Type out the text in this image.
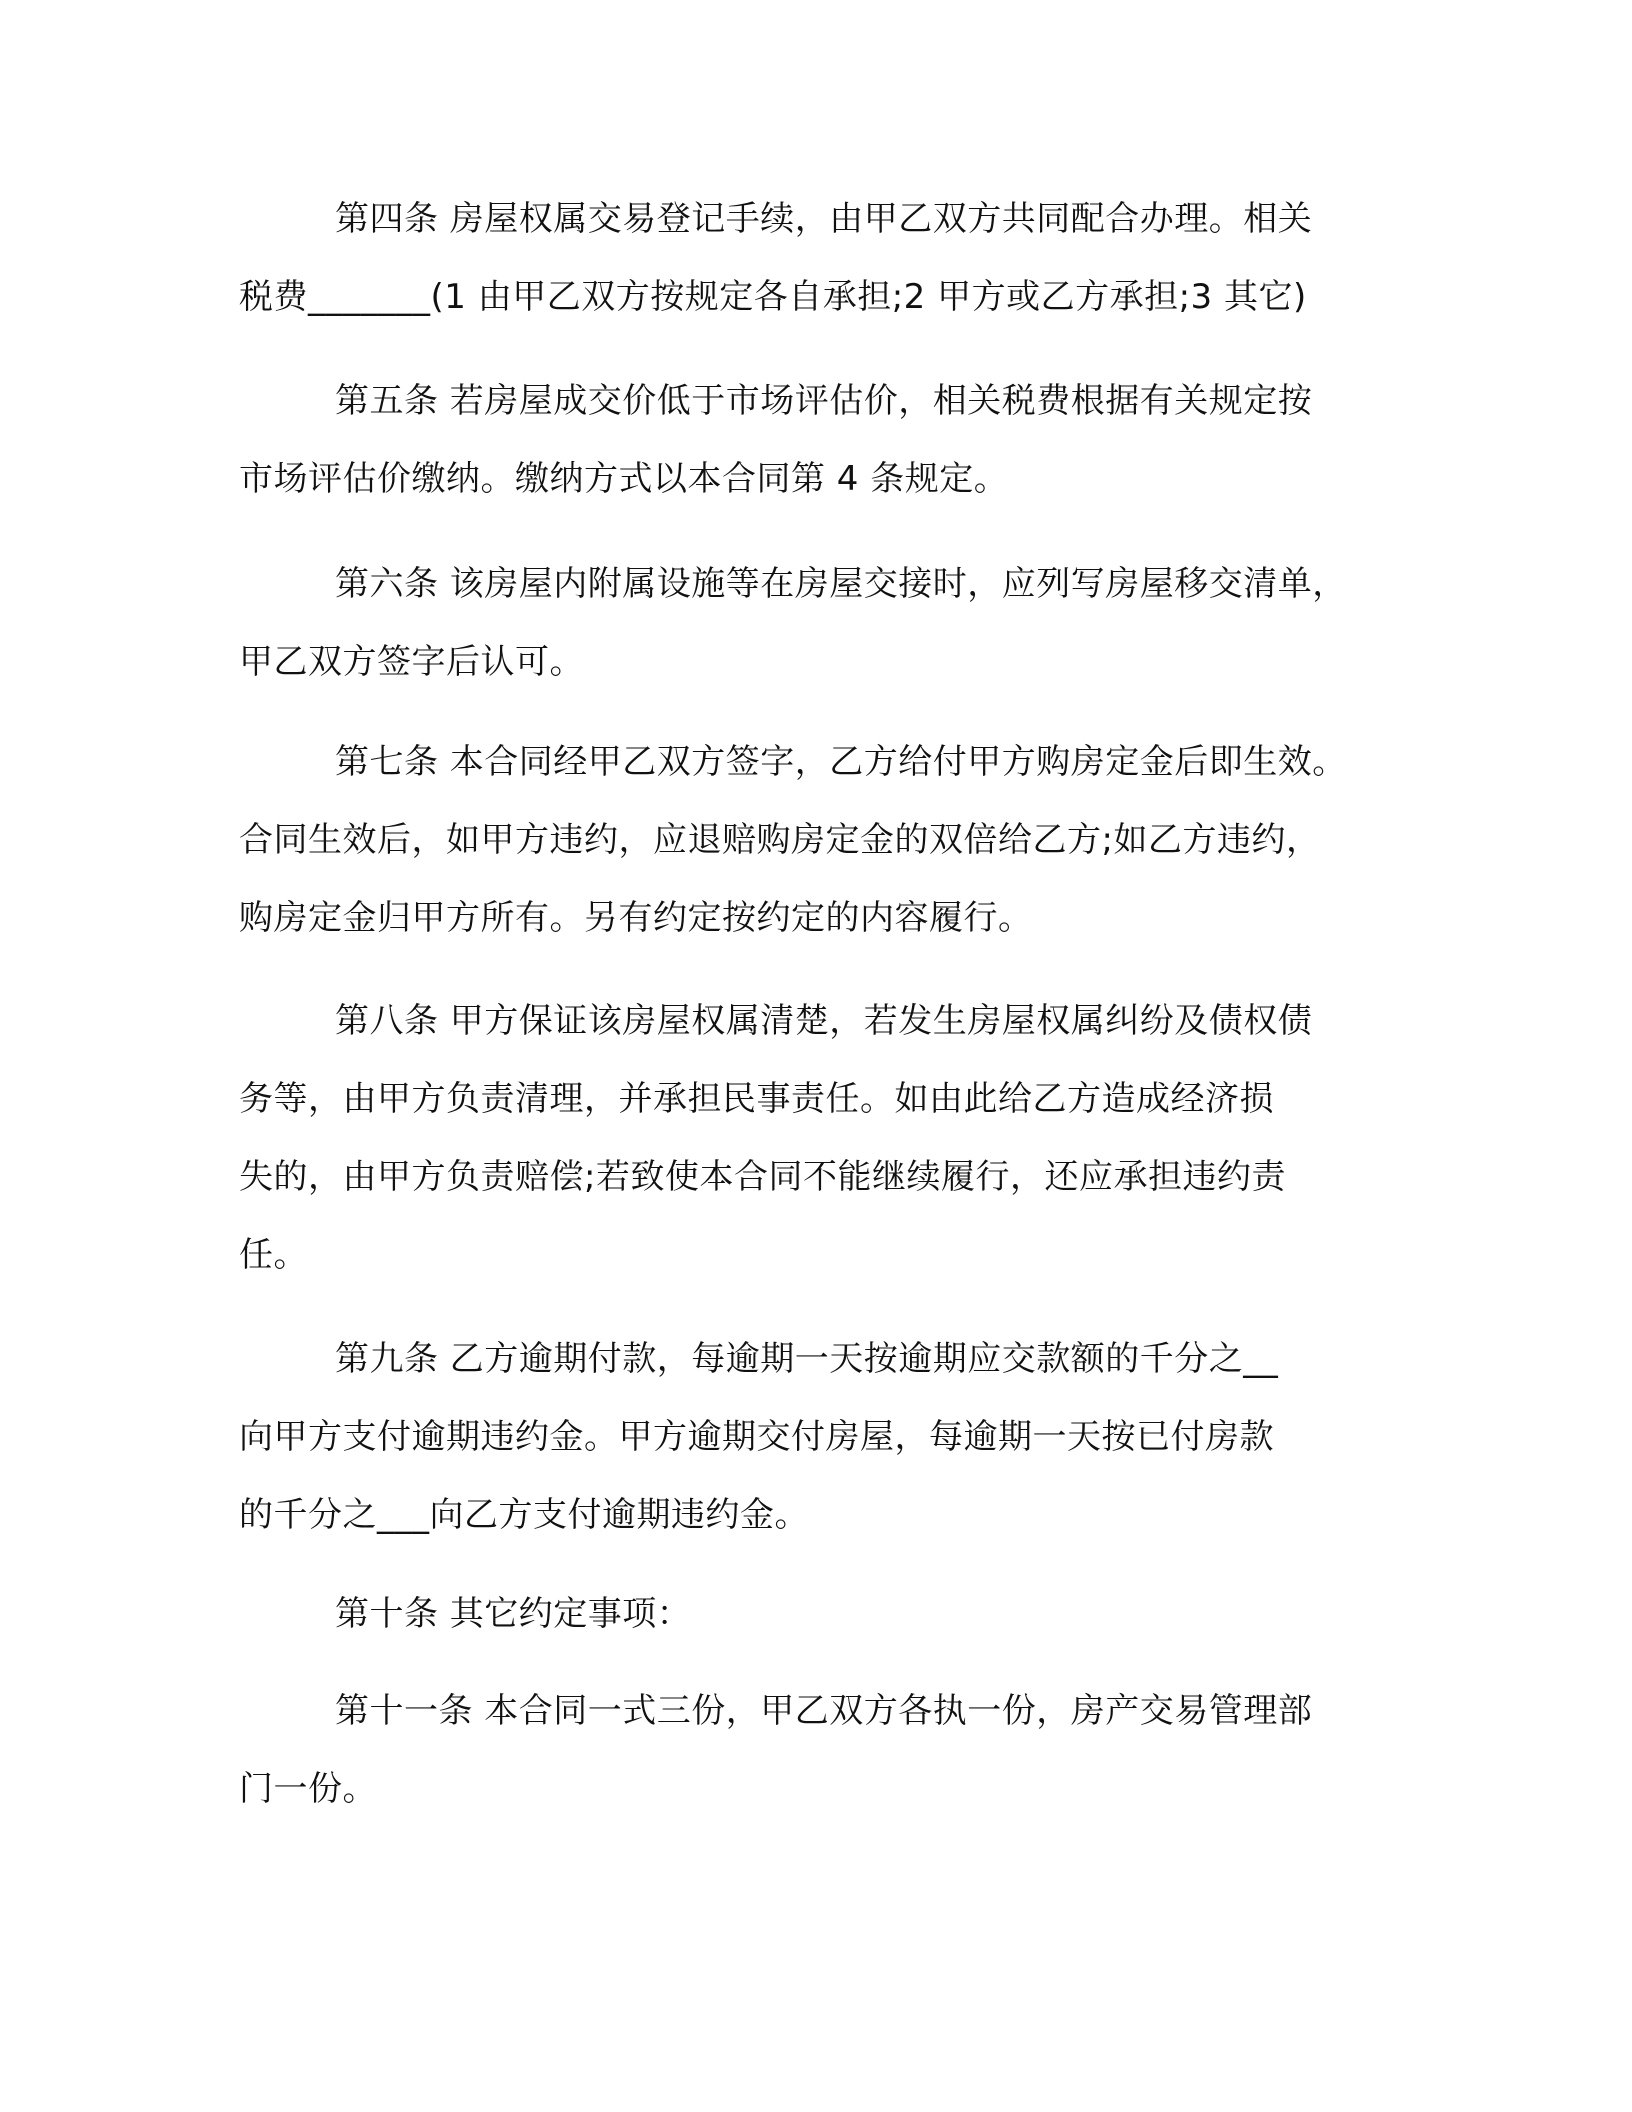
第四条 房屋权属交易登记手续，由甲乙双方共同配合办理。相关
税费_______(1 由甲乙双方按规定各自承担;2 甲方或乙方承担;3 其它)
第五条 若房屋成交价低于市场评估价，相关税费根据有关规定按
市场评估价缴纳。缴纳方式以本合同第 4 条规定。
第六条 该房屋内附属设施等在房屋交接时，应列写房屋移交清单，
甲乙双方签字后认可。
第七条 本合同经甲乙双方签字，乙方给付甲方购房定金后即生效。
合同生效后，如甲方违约，应退赔购房定金的双倍给乙方;如乙方违约，
购房定金归甲方所有。另有约定按约定的内容履行。
第八条 甲方保证该房屋权属清楚，若发生房屋权属纠纷及债权债
务等，由甲方负责清理，并承担民事责任。如由此给乙方造成经济损
失的，由甲方负责赔偿;若致使本合同不能继续履行，还应承担违约责
任。
第九条 乙方逾期付款，每逾期一天按逾期应交款额的千分之__
向甲方支付逾期违约金。甲方逾期交付房屋，每逾期一天按已付房款
的千分之___向乙方支付逾期违约金。
第十条 其它约定事项：
第十一条 本合同一式三份，甲乙双方各执一份，房产交易管理部
门一份。
